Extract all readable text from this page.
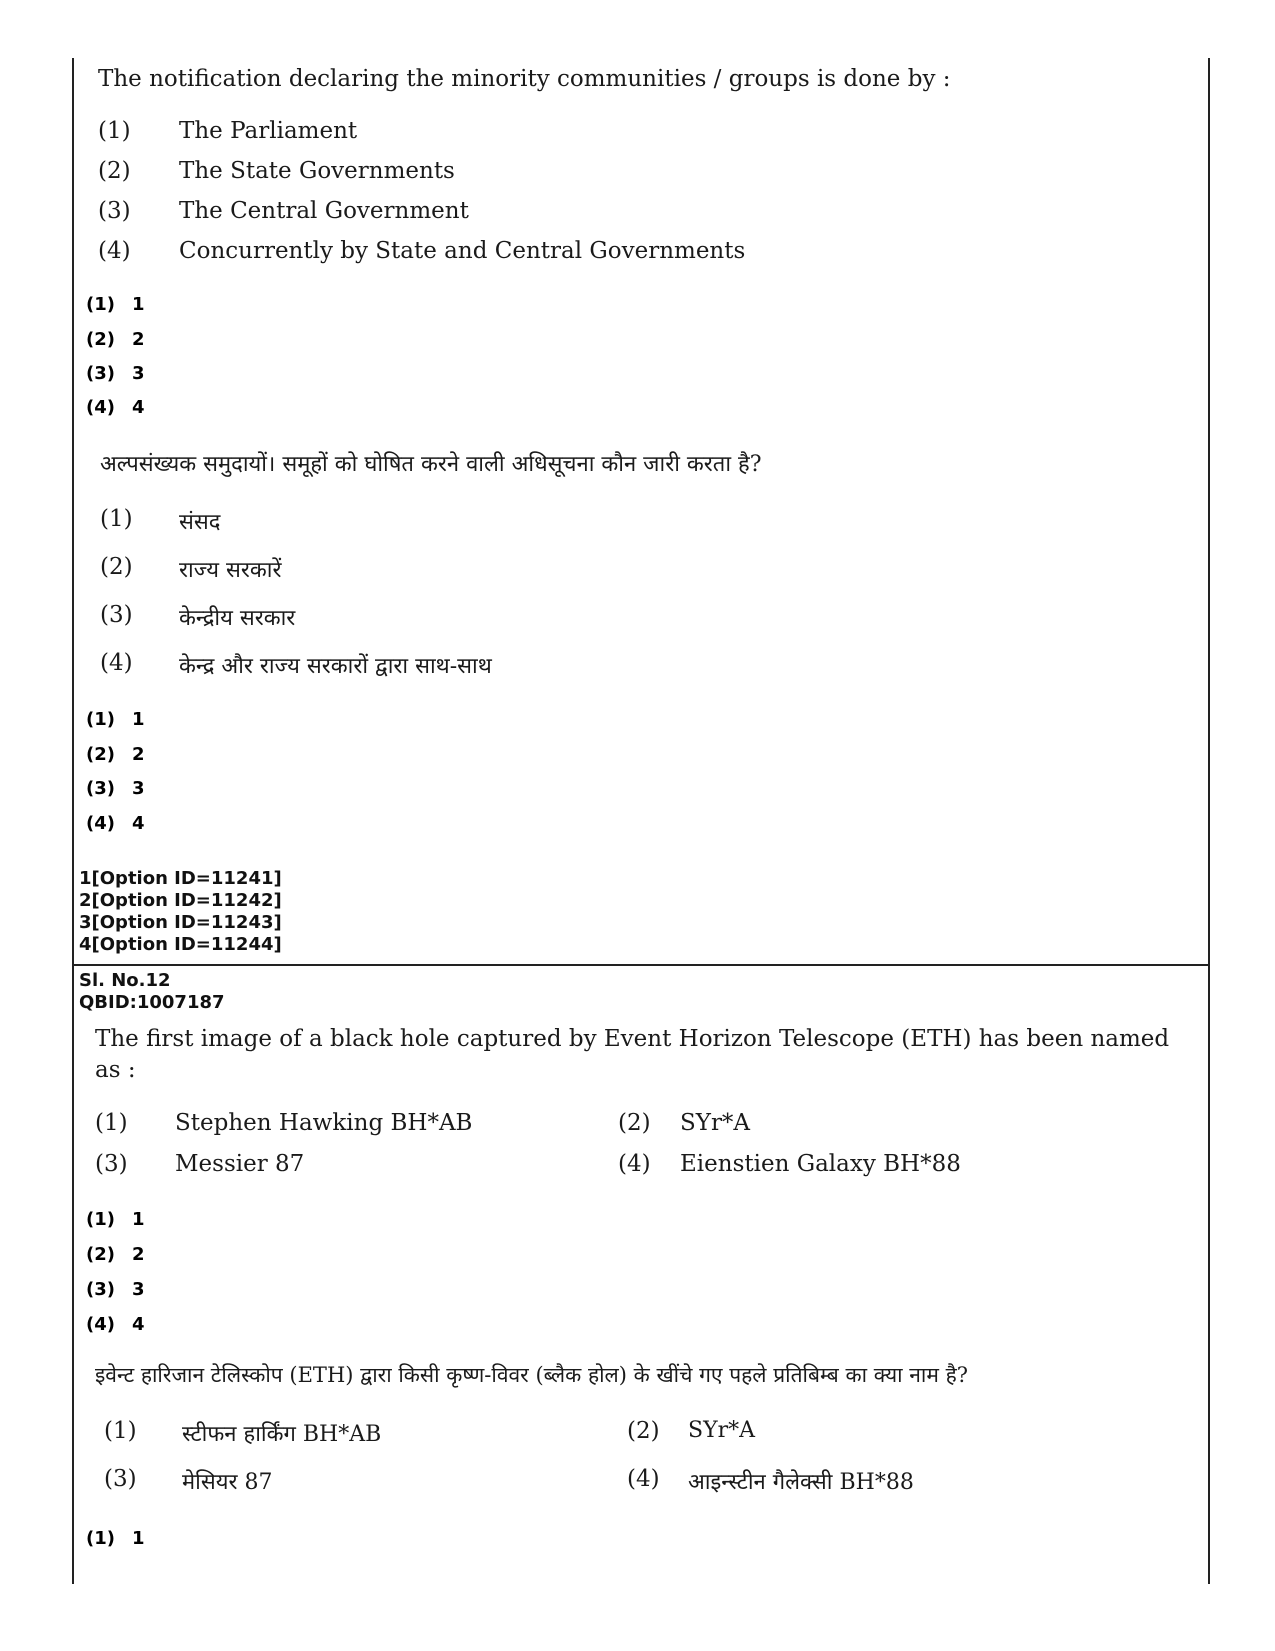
The notification declaring the minority communities / groups is done by :
(1) The Parliament
(2) The State Governments
(3) The Central Government
(4) Concurrently by State and Central Governments
(1) 1
(2) 2
(3) 3
(4) 4
अल्पसंख्यक समुदायों। समूहों को घोषित करने वाली अधिसूचना कौन जारी करता है?
(1) संसद
(2) राज्य सरकारें
(3) केन्द्रीय सरकार
(4) केन्द्र और राज्य सरकारों द्वारा साथ-साथ
(1) 1
(2) 2
(3) 3
(4) 4
1[Option ID=11241]
2[Option ID=11242]
3[Option ID=11243]
4[Option ID=11244]
Sl. No.12
QBID:1007187
The first image of a black hole captured by Event Horizon Telescope (ETH) has been named
as :
(1) Stephen Hawking BH*AB	(2) SYr*A
(3) Messier 87	(4) Eienstien Galaxy BH*88
(1) 1
(2) 2
(3) 3
(4) 4
इवेन्ट हारिजान टेलिस्कोप (ETH) द्वारा किसी कृष्ण-विवर (ब्लैक होल) के खींचे गए पहले प्रतिबिम्ब का क्या नाम है?
(1) स्टीफन हार्किंग BH*AB	(2) SYr*A
(3) मेसियर 87	(4) आइन्स्टीन गैलेक्सी BH*88
(1) 1
